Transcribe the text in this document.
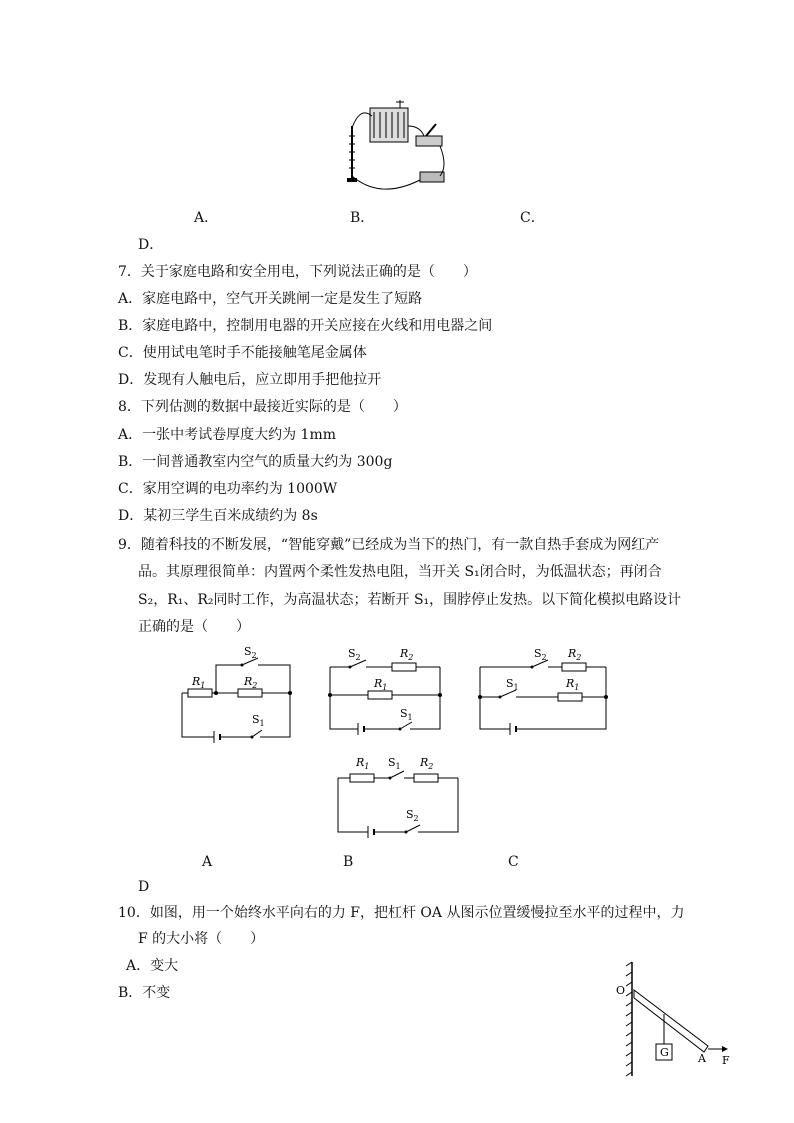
A．	B．	C．
D．
7．关于家庭电路和安全用电，下列说法正确的是（　　）
A．家庭电路中，空气开关跳闸一定是发生了短路
B．家庭电路中，控制用电器的开关应接在火线和用电器之间
C．使用试电笔时手不能接触笔尾金属体
D．发现有人触电后，应立即用手把他拉开
8．下列估测的数据中最接近实际的是（　　）
A．一张中考试卷厚度大约为 1mm
B．一间普通教室内空气的质量大约为 300g
C．家用空调的电功率约为 1000W
D．某初三学生百米成绩约为 8s
9．随着科技的不断发展，“智能穿戴”已经成为当下的热门，有一款自热手套成为网红产
品。其原理很简单：内置两个柔性发热电阻，当开关 S₁闭合时，为低温状态；再闭合
S₂，R₁、R₂同时工作，为高温状态；若断开 S₁，围脖停止发热。以下简化模拟电路设计
正确的是（　　）
$R_1$	$R_2$
$S_2$
$S_1$
$S_2$	$R_2$
$R_1$
$S_1$
$S_2$ $R_2$
$S_1$	$R_1$
$R_1$ $S_1$ $R_2$
$S_2$
A	B	C
D
10．如图，用一个始终水平向右的力 F，把杠杆 OA 从图示位置缓慢拉至水平的过程中，力
F 的大小将（　　）
A．变大
B．不变	O
G	A F
